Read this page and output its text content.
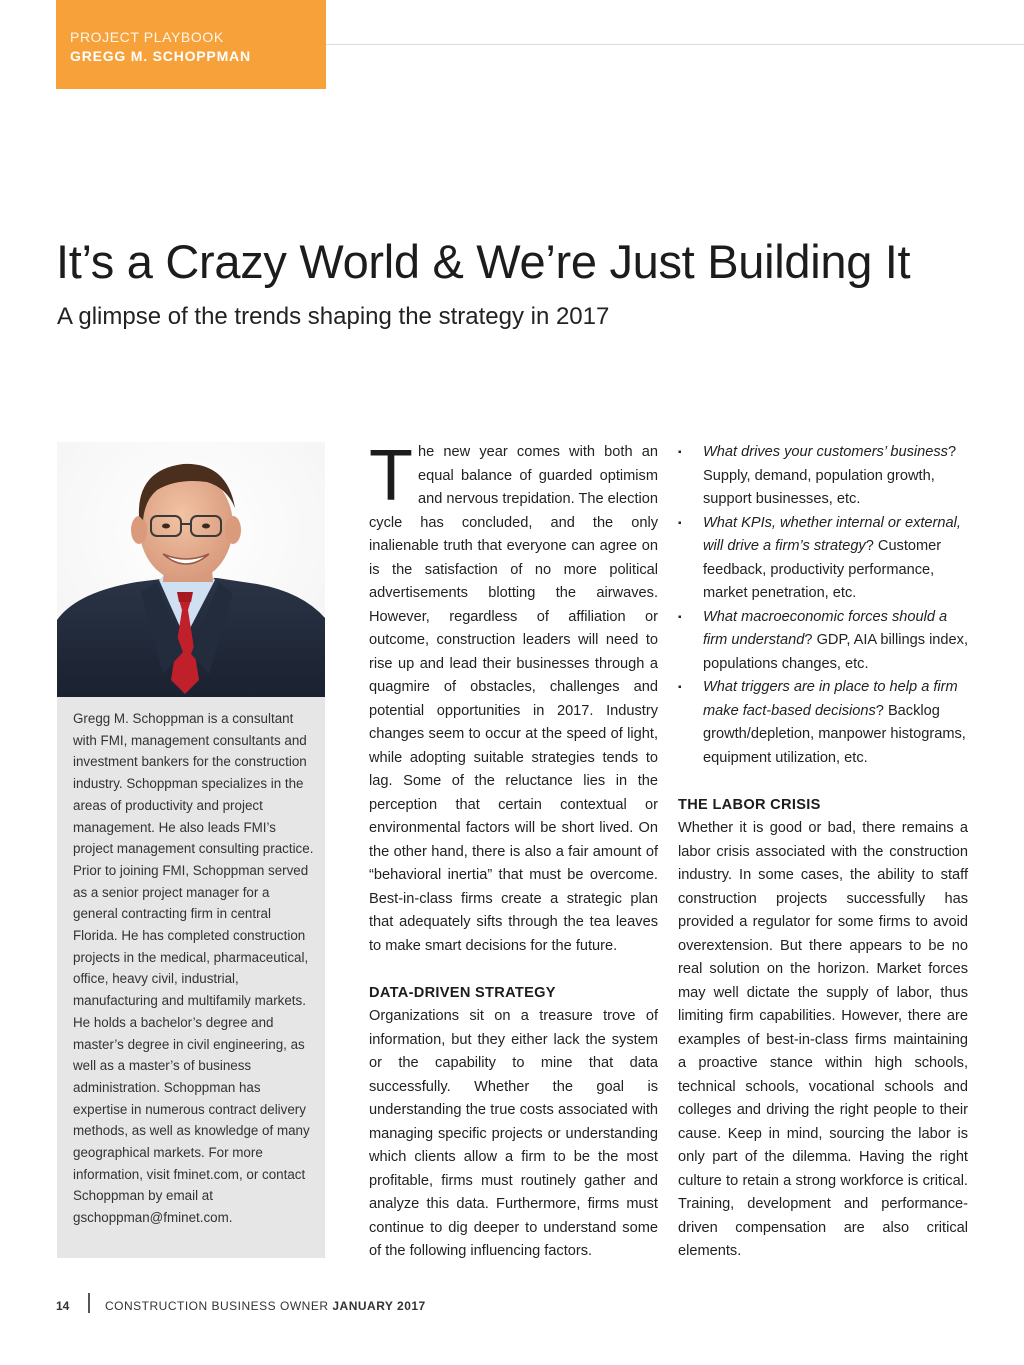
PROJECT PLAYBOOK
GREGG M. SCHOPPMAN
It’s a Crazy World & We’re Just Building It
A glimpse of the trends shaping the strategy in 2017
Gregg M. Schoppman is a consultant with FMI, management consultants and investment bankers for the construction industry. Schoppman specializes in the areas of productivity and project management. He also leads FMI’s project management consulting practice. Prior to joining FMI, Schoppman served as a senior project manager for a general contracting firm in central Florida. He has completed construction projects in the medical, pharmaceutical, office, heavy civil, industrial, manufacturing and multifamily markets. He holds a bachelor’s degree and master’s degree in civil engineering, as well as a master’s of business administration. Schoppman has expertise in numerous contract delivery methods, as well as knowledge of many geographical markets. For more information, visit fminet.com, or contact Schoppman by email at gschoppman@fminet.com.

The new year comes with both an equal balance of guarded optimism and nervous trepidation. The election cycle has concluded, and the only inalienable truth that everyone can agree on is the satisfaction of no more political advertisements blotting the airwaves. However, regardless of affiliation or outcome, construction leaders will need to rise up and lead their businesses through a quagmire of obstacles, challenges and potential opportunities in 2017. Industry changes seem to occur at the speed of light, while adopting suitable strategies tends to lag. Some of the reluctance lies in the perception that certain contextual or environmental factors will be short lived. On the other hand, there is also a fair amount of “behavioral inertia” that must be overcome. Best-in-class firms create a strategic plan that adequately sifts through the tea leaves to make smart decisions for the future.

DATA-DRIVEN STRATEGY

Organizations sit on a treasure trove of information, but they either lack the system or the capability to mine that data successfully. Whether the goal is understanding the true costs associated with managing specific projects or understanding which clients allow a firm to be the most profitable, firms must routinely gather and analyze this data. Furthermore, firms must continue to dig deeper to understand some of the following influencing factors.

▪ What drives your customers’ business? Supply, demand, population growth, support businesses, etc.
▪ What KPIs, whether internal or external, will drive a firm’s strategy? Customer feedback, productivity performance, market penetration, etc.
▪ What macroeconomic forces should a firm understand? GDP, AIA billings index, populations changes, etc.
▪ What triggers are in place to help a firm make fact-based decisions? Backlog growth/depletion, manpower histograms, equipment utilization, etc.
THE LABOR CRISIS

Whether it is good or bad, there remains a labor crisis associated with the construction industry. In some cases, the ability to staff construction projects successfully has provided a regulator for some firms to avoid overextension. But there appears to be no real solution on the horizon. Market forces may well dictate the supply of labor, thus limiting firm capabilities. However, there are examples of best-in-class firms maintaining a proactive stance within high schools, technical schools, vocational schools and colleges and driving the right people to their cause. Keep in mind, sourcing the labor is only part of the dilemma. Having the right culture to retain a strong workforce is critical. Training, development and performance-driven compensation are also critical elements.

14	CONSTRUCTION BUSINESS OWNER JANUARY 2017
